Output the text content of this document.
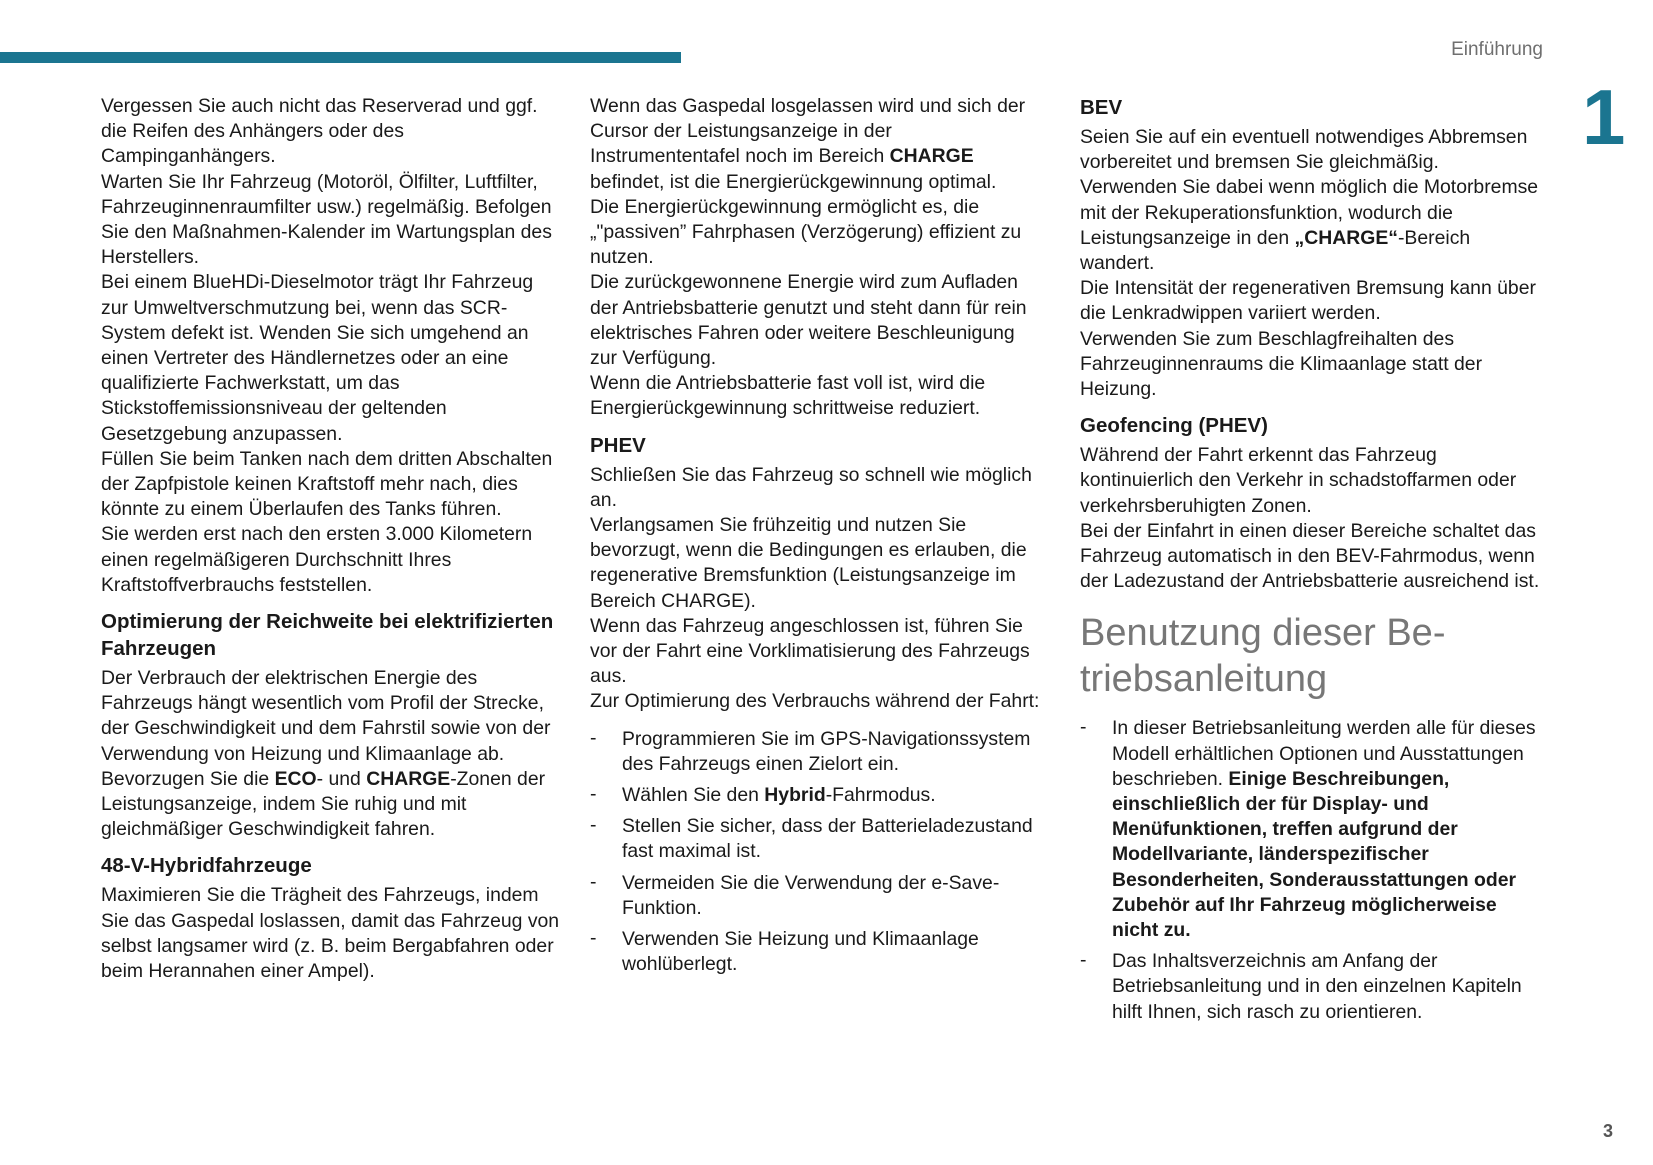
Einführung
1

Vergessen Sie auch nicht das Reserverad und ggf. die Reifen des Anhängers oder des Campinganhängers.

Warten Sie Ihr Fahrzeug (Motoröl, Ölfilter, Luftfilter, Fahrzeuginnenraumfilter usw.) regelmäßig. Befolgen Sie den Maßnahmen-Kalender im Wartungsplan des Herstellers.

Bei einem BlueHDi-Dieselmotor trägt Ihr Fahrzeug zur Umweltverschmutzung bei, wenn das SCR-System defekt ist. Wenden Sie sich umgehend an einen Vertreter des Händlernetzes oder an eine qualifizierte Fachwerkstatt, um das Stickstoffemissionsniveau der geltenden Gesetzgebung anzupassen.

Füllen Sie beim Tanken nach dem dritten Abschalten der Zapfpistole keinen Kraftstoff mehr nach, dies könnte zu einem Überlaufen des Tanks führen.

Sie werden erst nach den ersten 3.000 Kilometern einen regelmäßigeren Durchschnitt Ihres Kraftstoffverbrauchs feststellen.

Optimierung der Reichweite bei elektrifizierten Fahrzeugen

Der Verbrauch der elektrischen Energie des Fahrzeugs hängt wesentlich vom Profil der Strecke, der Geschwindigkeit und dem Fahrstil sowie von der Verwendung von Heizung und Klimaanlage ab.

Bevorzugen Sie die ECO- und CHARGE-Zonen der Leistungsanzeige, indem Sie ruhig und mit gleichmäßiger Geschwindigkeit fahren.

48-V-Hybridfahrzeuge

Maximieren Sie die Trägheit des Fahrzeugs, indem Sie das Gaspedal loslassen, damit das Fahrzeug von selbst langsamer wird (z. B. beim Bergabfahren oder beim Herannahen einer Ampel).

Wenn das Gaspedal losgelassen wird und sich der Cursor der Leistungsanzeige in der Instrumententafel noch im Bereich CHARGE befindet, ist die Energierückgewinnung optimal.

Die Energierückgewinnung ermöglicht es, die „"passiven” Fahrphasen (Verzögerung) effizient zu nutzen.

Die zurückgewonnene Energie wird zum Aufladen der Antriebsbatterie genutzt und steht dann für rein elektrisches Fahren oder weitere Beschleunigung zur Verfügung.

Wenn die Antriebsbatterie fast voll ist, wird die Energierückgewinnung schrittweise reduziert.

PHEV

Schließen Sie das Fahrzeug so schnell wie möglich an.

Verlangsamen Sie frühzeitig und nutzen Sie bevorzugt, wenn die Bedingungen es erlauben, die regenerative Bremsfunktion (Leistungsanzeige im Bereich CHARGE).

Wenn das Fahrzeug angeschlossen ist, führen Sie vor der Fahrt eine Vorklimatisierung des Fahrzeugs aus.

Zur Optimierung des Verbrauchs während der Fahrt:

- Programmieren Sie im GPS-Navigationssystem des Fahrzeugs einen Zielort ein.
- Wählen Sie den Hybrid-Fahrmodus.
- Stellen Sie sicher, dass der Batterieladezustand fast maximal ist.
- Vermeiden Sie die Verwendung der e-Save-Funktion.
- Verwenden Sie Heizung und Klimaanlage wohlüberlegt.
BEV

Seien Sie auf ein eventuell notwendiges Abbremsen vorbereitet und bremsen Sie gleichmäßig. Verwenden Sie dabei wenn möglich die Motorbremse mit der Rekuperationsfunktion, wodurch die Leistungsanzeige in den „CHARGE“-Bereich wandert.

Die Intensität der regenerativen Bremsung kann über die Lenkradwippen variiert werden.

Verwenden Sie zum Beschlagfreihalten des Fahrzeuginnenraums die Klimaanlage statt der Heizung.

Geofencing (PHEV)

Während der Fahrt erkennt das Fahrzeug kontinuierlich den Verkehr in schadstoffarmen oder verkehrsberuhigten Zonen.

Bei der Einfahrt in einen dieser Bereiche schaltet das Fahrzeug automatisch in den BEV-Fahrmodus, wenn der Ladezustand der Antriebsbatterie ausreichend ist.

Benutzung dieser Betriebsanleitung
- In dieser Betriebsanleitung werden alle für dieses Modell erhältlichen Optionen und Ausstattungen beschrieben. Einige Beschreibungen, einschließlich der für Display- und Menüfunktionen, treffen aufgrund der Modellvariante, länderspezifischer Besonderheiten, Sonderausstattungen oder Zubehör auf Ihr Fahrzeug möglicherweise nicht zu.
- Das Inhaltsverzeichnis am Anfang der Betriebsanleitung und in den einzelnen Kapiteln hilft Ihnen, sich rasch zu orientieren.
3
